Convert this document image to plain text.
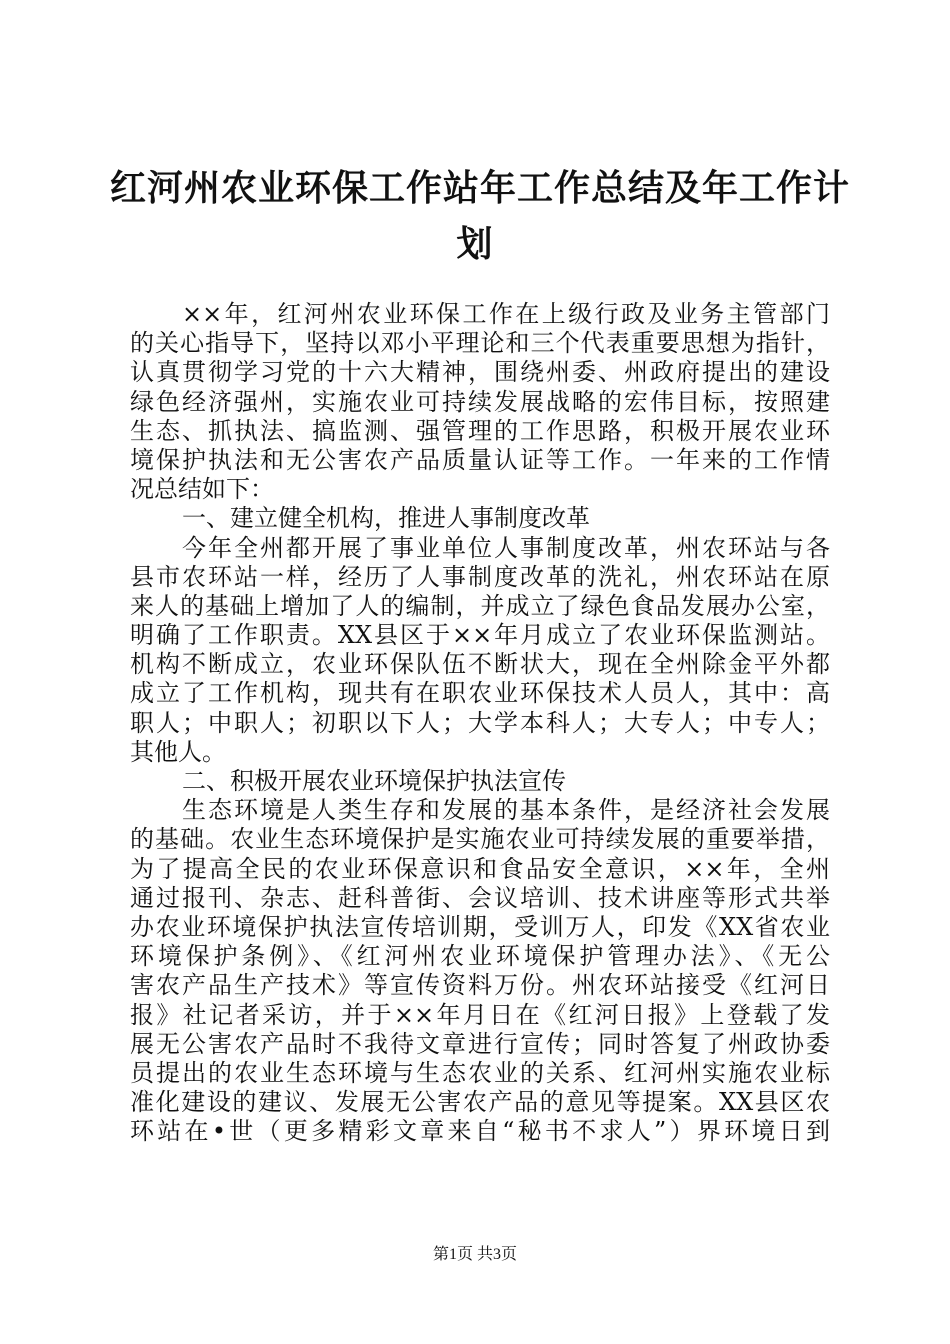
红河州农业环保工作站年工作总结及年工作计
划
××年，红河州农业环保工作在上级行政及业务主管部门
的关心指导下，坚持以邓小平理论和三个代表重要思想为指针，
认真贯彻学习党的十六大精神，围绕州委、州政府提出的建设
绿色经济强州，实施农业可持续发展战略的宏伟目标，按照建
生态、抓执法、搞监测、强管理的工作思路，积极开展农业环
境保护执法和无公害农产品质量认证等工作。一年来的工作情
况总结如下：
一、建立健全机构，推进人事制度改革
今年全州都开展了事业单位人事制度改革，州农环站与各
县市农环站一样，经历了人事制度改革的洗礼，州农环站在原
来人的基础上增加了人的编制，并成立了绿色食品发展办公室，
明确了工作职责。XX县区于××年月成立了农业环保监测站。
机构不断成立，农业环保队伍不断状大，现在全州除金平外都
成立了工作机构，现共有在职农业环保技术人员人，其中：高
职人；中职人；初职以下人；大学本科人；大专人；中专人；
其他人。
二、积极开展农业环境保护执法宣传
生态环境是人类生存和发展的基本条件，是经济社会发展
的基础。农业生态环境保护是实施农业可持续发展的重要举措，
为了提高全民的农业环保意识和食品安全意识，××年，全州
通过报刊、杂志、赶科普街、会议培训、技术讲座等形式共举
办农业环境保护执法宣传培训期，受训万人，印发《XX省农业
环境保护条例》、《红河州农业环境保护管理办法》、《无公
害农产品生产技术》等宣传资料万份。州农环站接受《红河日
报》社记者采访，并于××年月日在《红河日报》上登载了发
展无公害农产品时不我待文章进行宣传；同时答复了州政协委
员提出的农业生态环境与生态农业的关系、红河州实施农业标
准化建设的建议、发展无公害农产品的意见等提案。XX县区农
环站在•世（更多精彩文章来自“秘书不求人”）界环境日到
第1页 共3页
